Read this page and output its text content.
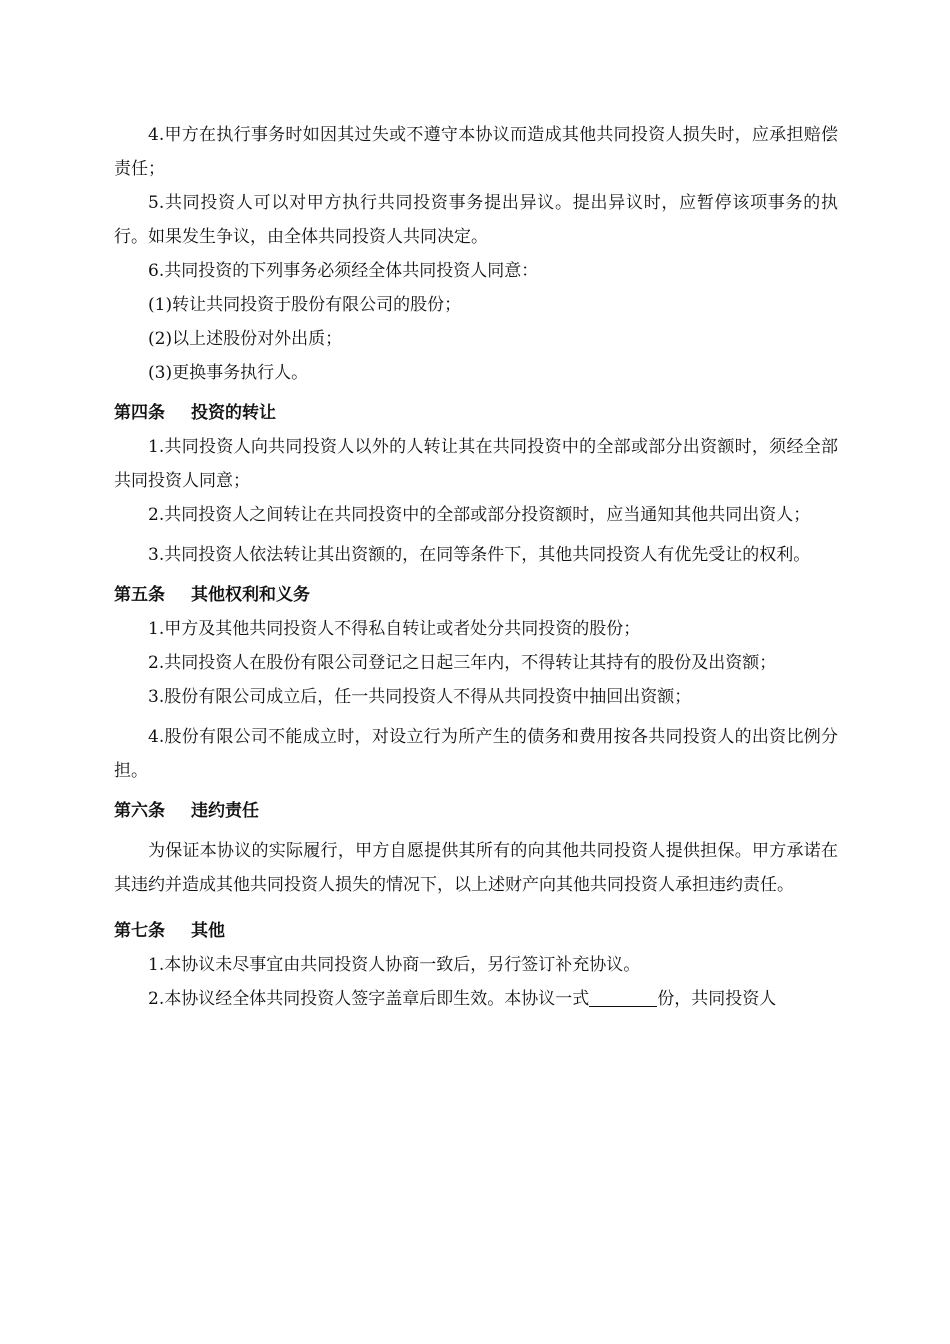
4.甲方在执行事务时如因其过失或不遵守本协议而造成其他共同投资人损失时，应承担赔偿责任；

5.共同投资人可以对甲方执行共同投资事务提出异议。提出异议时，应暂停该项事务的执行。如果发生争议，由全体共同投资人共同决定。

6.共同投资的下列事务必须经全体共同投资人同意：

(1)转让共同投资于股份有限公司的股份；

(2)以上述股份对外出质；

(3)更换事务执行人。

第四条 投资的转让

1.共同投资人向共同投资人以外的人转让其在共同投资中的全部或部分出资额时，须经全部共同投资人同意；

2.共同投资人之间转让在共同投资中的全部或部分投资额时，应当通知其他共同出资人；

3.共同投资人依法转让其出资额的，在同等条件下，其他共同投资人有优先受让的权利。

第五条 其他权利和义务

1.甲方及其他共同投资人不得私自转让或者处分共同投资的股份；

2.共同投资人在股份有限公司登记之日起三年内，不得转让其持有的股份及出资额；

3.股份有限公司成立后，任一共同投资人不得从共同投资中抽回出资额；

4.股份有限公司不能成立时，对设立行为所产生的债务和费用按各共同投资人的出资比例分担。

第六条 违约责任

为保证本协议的实际履行，甲方自愿提供其所有的向其他共同投资人提供担保。甲方承诺在其违约并造成其他共同投资人损失的情况下，以上述财产向其他共同投资人承担违约责任。

第七条 其他

1.本协议未尽事宜由共同投资人协商一致后，另行签订补充协议。

2.本协议经全体共同投资人签字盖章后即生效。本协议一式	份，共同投资人
